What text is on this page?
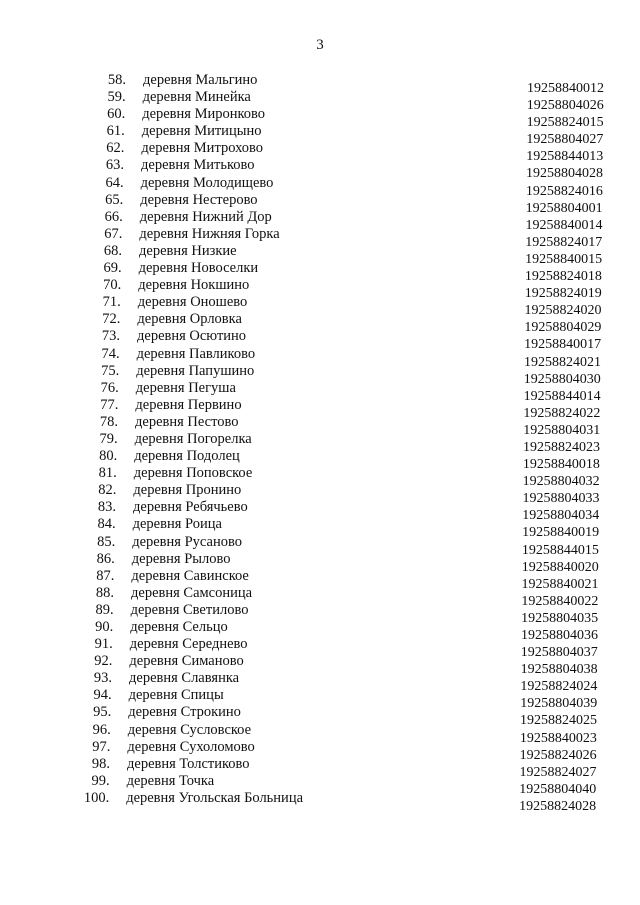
3
58. деревня Мальгино
19258840012
59. деревня Минейка
19258804026
60. деревня Миронково
19258824015
61. деревня Митицыно
19258804027
62. деревня Митрохово
19258844013
63. деревня Митьково
19258804028
64. деревня Молодищево
19258824016
65. деревня Нестерово
19258804001
66. деревня Нижний Дор
19258840014
67. деревня Нижняя Горка
19258824017
68. деревня Низкие
19258840015
69. деревня Новоселки
19258824018
70. деревня Нокшино
19258824019
71. деревня Оношево
19258824020
72. деревня Орловка
19258804029
73. деревня Осютино
19258840017
74. деревня Павликово
19258824021
75. деревня Папушино
19258804030
76. деревня Пегуша
19258844014
77. деревня Первино
19258824022
78. деревня Пестово
19258804031
79. деревня Погорелка
19258824023
80. деревня Подолец
19258840018
81. деревня Поповское
19258804032
82. деревня Пронино
19258804033
83. деревня Ребячьево
19258804034
84. деревня Роица
19258840019
85. деревня Русаново
19258844015
86. деревня Рылово
19258840020
87. деревня Савинское
19258840021
88. деревня Самсоница
19258840022
89. деревня Светилово
19258804035
90. деревня Сельцо
19258804036
91. деревня Середнево
19258804037
92. деревня Симаново
19258804038
93. деревня Славянка
19258824024
94. деревня Спицы
19258804039
95. деревня Строкино
19258824025
96. деревня Сусловское
19258840023
97. деревня Сухоломово
19258824026
98. деревня Толстиково
19258824027
99. деревня Точка
19258804040
100. деревня Угольская Больница
19258824028
